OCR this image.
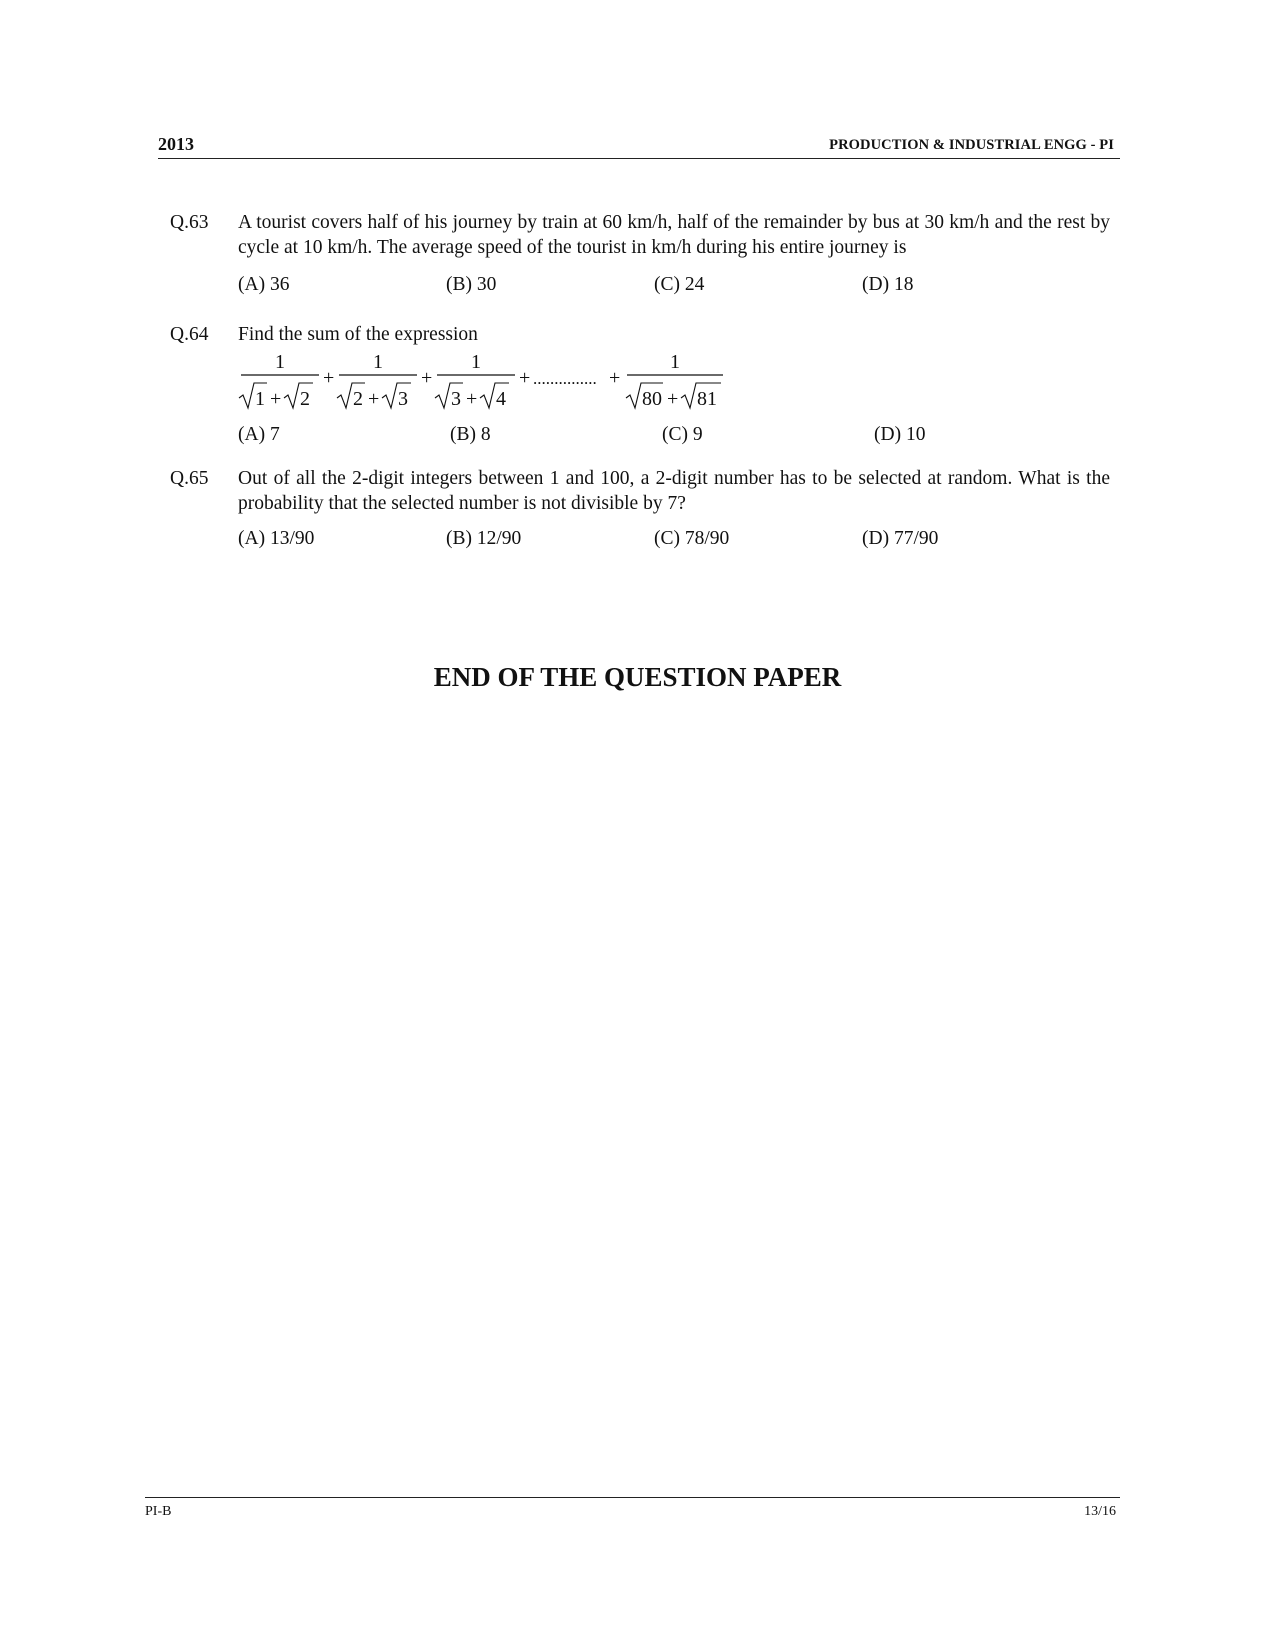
2013	PRODUCTION & INDUSTRIAL ENGG - PI
Q.63 A tourist covers half of his journey by train at 60 km/h, half of the remainder by bus at 30 km/h and the rest by cycle at 10 km/h. The average speed of the tourist in km/h during his entire journey is
(A) 36	(B) 30	(C) 24	(D) 18
Q.64 Find the sum of the expression
(A) 7	(B) 8	(C) 9	(D) 10
1
1 + 2
+
1
2 + 3
+
1
3 + 4
+ ............... +
1
80 + 81
Q.65 Out of all the 2-digit integers between 1 and 100, a 2-digit number has to be selected at random. What is the probability that the selected number is not divisible by 7?
(A) 13/90	(B) 12/90	(C) 78/90	(D) 77/90
END OF THE QUESTION PAPER
PI-B	13/16
